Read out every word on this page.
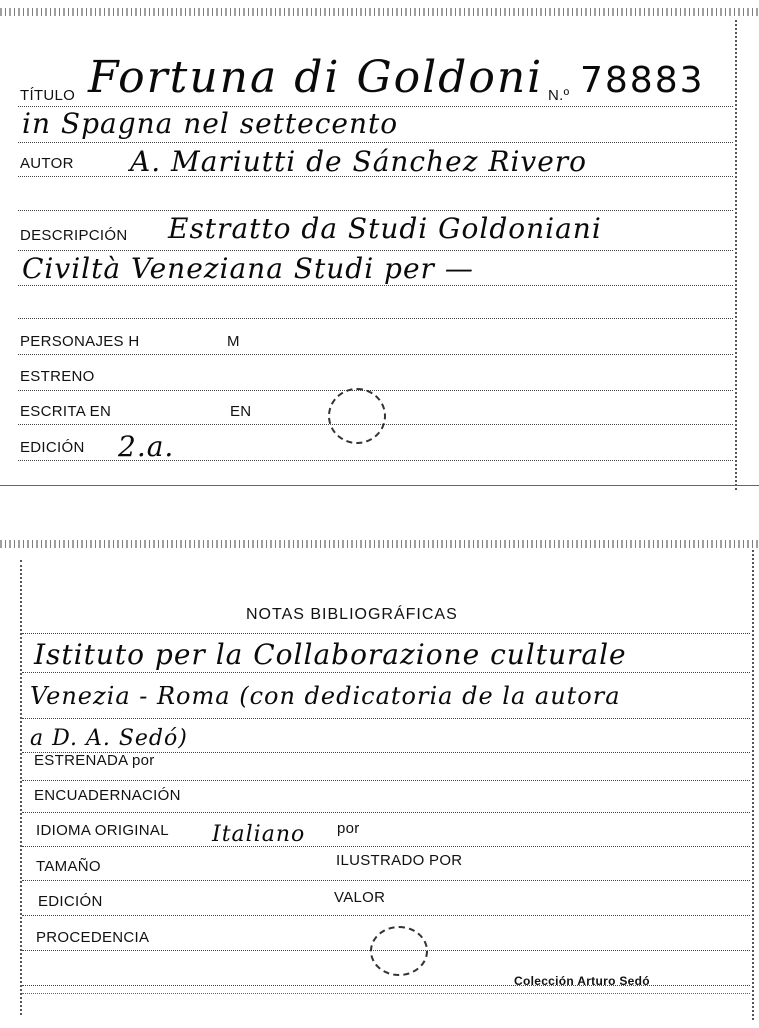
TÍTULO Fortuna di Goldoni N.º 78883
in Spagna nel settecento
AUTOR A. Mariutti de Sánchez Rivero
DESCRIPCIÓN Estratto da Studi Goldoniani
Civiltà Veneziana Studi per —
PERSONAJES H	M
ESTRENO
ESCRITA EN	EN
EDICIÓN 2.a.
NOTAS BIBLIOGRÁFICAS
Istituto per la Collaborazione culturale
Venezia - Roma (con dedicatoria de la autora
a D. A. Sedó)
ESTRENADA por
ENCUADERNACIÓN
IDIOMA ORIGINAL Italiano por
TAMAÑO	ILUSTRADO POR
EDICIÓN	VALOR
PROCEDENCIA
Colección Arturo Sedó
